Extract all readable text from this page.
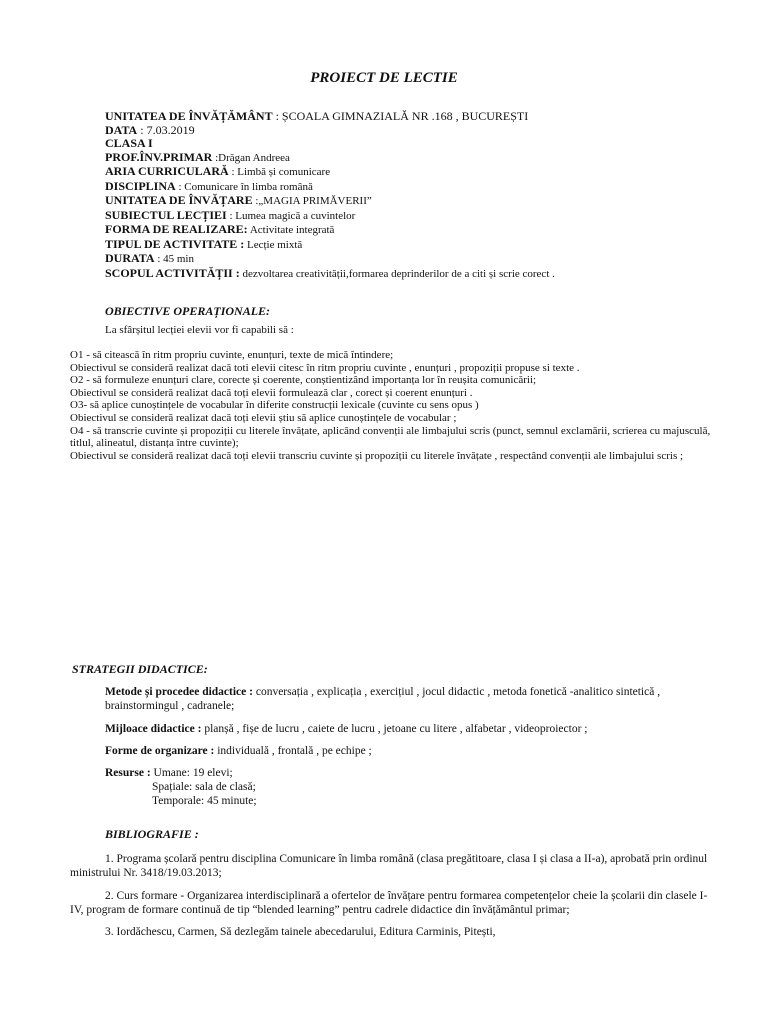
PROIECT DE LECTIE
UNITATEA DE ÎNVĂȚĂMÂNT : ȘCOALA GIMNAZIALĂ NR .168 , BUCUREȘTI
DATA : 7.03.2019
CLASA I
PROF.ÎNV.PRIMAR :Drăgan Andreea
ARIA CURRICULARĂ : Limbă și comunicare
DISCIPLINA : Comunicare în limba română
UNITATEA DE ÎNVĂȚARE :„MAGIA PRIMĂVERII”
SUBIECTUL LECȚIEI : Lumea magică a cuvintelor
FORMA DE REALIZARE: Activitate integrată
TIPUL DE ACTIVITATE : Lecție mixtă
DURATA : 45 min
SCOPUL ACTIVITĂȚII : dezvoltarea creativității,formarea deprinderilor de a citi și scrie corect .
OBIECTIVE OPERAȚIONALE:
La sfârșitul lecției elevii vor fi capabili să :
O1 - să citească în ritm propriu cuvinte, enunțuri, texte de mică întindere;
Obiectivul se consideră realizat dacă toti elevii citesc în ritm propriu cuvinte , enunțuri , propoziții propuse si texte .
O2 - să formuleze enunțuri clare, corecte și coerente, conștientizând importanța lor în reușita comunicării;
Obiectivul se consideră realizat dacă toți elevii formulează clar , corect și coerent enunțuri .
O3- să aplice cunoștințele de vocabular în diferite construcții lexicale (cuvinte cu sens opus )
Obiectivul se consideră realizat dacă toți elevii știu să aplice cunoștințele de vocabular ;
O4 - să transcrie cuvinte și propoziții cu literele învățate, aplicând convenții ale limbajului scris (punct, semnul exclamării, scrierea cu majusculă, titlul, alineatul, distanța între cuvinte);
Obiectivul se consideră realizat dacă toți elevii transcriu cuvinte și propoziții cu literele învățate , respectând convenții ale limbajului scris ;
STRATEGII DIDACTICE:
Metode și procedee didactice : conversația , explicația , exercițiul , jocul didactic , metoda fonetică -analitico sintetică , brainstormingul , cadranele;
Mijloace didactice : planșă , fișe de lucru , caiete de lucru , jetoane cu litere , alfabetar , videoproiector ;
Forme de organizare : individuală , frontală , pe echipe ;
Resurse : Umane: 19 elevi;
Spațiale: sala de clasă;
Temporale: 45 minute;
BIBLIOGRAFIE :
1. Programa școlară pentru disciplina Comunicare în limba română (clasa pregătitoare, clasa I și clasa a II-a), aprobată prin ordinul ministrului Nr. 3418/19.03.2013;
2. Curs formare - Organizarea interdisciplinară a ofertelor de învățare pentru formarea competențelor cheie la școlarii din clasele I-IV, program de formare continuă de tip “blended learning” pentru cadrele didactice din învățământul primar;
3. Iordăchescu, Carmen, Să dezlegăm tainele abecedarului, Editura Carminis, Pitești,
